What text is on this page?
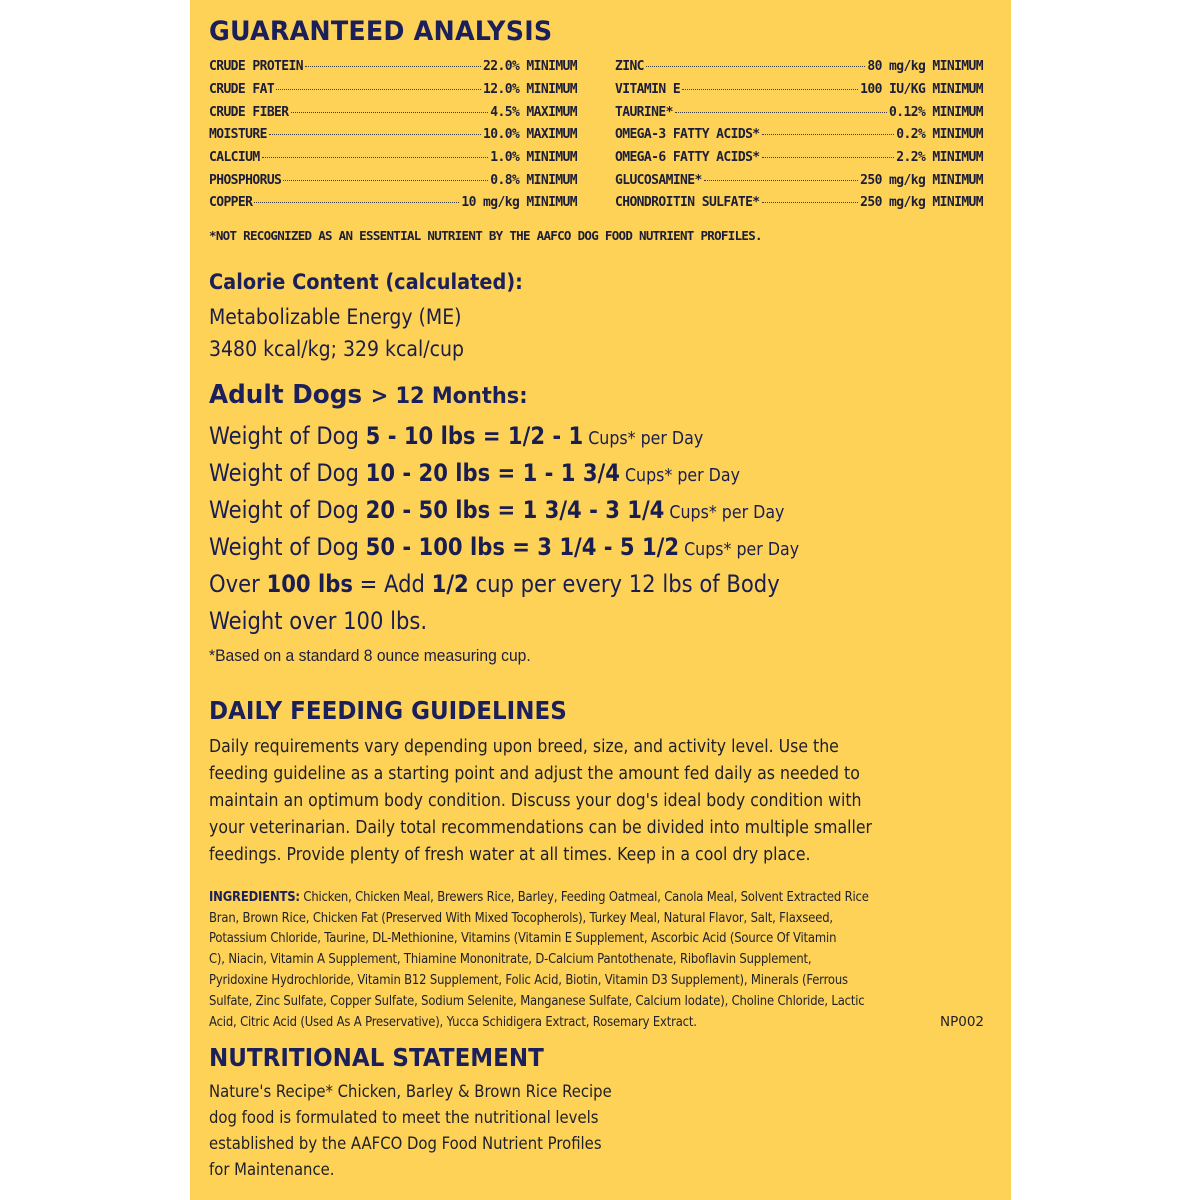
GUARANTEED ANALYSIS
CRUDE PROTEIN	22.0% MINIMUM
CRUDE FAT	12.0% MINIMUM
CRUDE FIBER	4.5% MAXIMUM
MOISTURE	10.0% MAXIMUM
CALCIUM	1.0% MINIMUM
PHOSPHORUS	0.8% MINIMUM
COPPER	10 mg/kg MINIMUM
ZINC	80 mg/kg MINIMUM
VITAMIN E	100 IU/KG MINIMUM
TAURINE*	0.12% MINIMUM
OMEGA-3 FATTY ACIDS*	0.2% MINIMUM
OMEGA-6 FATTY ACIDS*	2.2% MINIMUM
GLUCOSAMINE*	250 mg/kg MINIMUM
CHONDROITIN SULFATE*	250 mg/kg MINIMUM
*NOT RECOGNIZED AS AN ESSENTIAL NUTRIENT BY THE AAFCO DOG FOOD NUTRIENT PROFILES.
Calorie Content (calculated):
Metabolizable Energy (ME)
3480 kcal/kg; 329 kcal/cup
Adult Dogs > 12 Months:
Weight of Dog 5 - 10 lbs = 1/2 - 1 Cups* per Day
Weight of Dog 10 - 20 lbs = 1 - 1 3/4 Cups* per Day
Weight of Dog 20 - 50 lbs = 1 3/4 - 3 1/4 Cups* per Day
Weight of Dog 50 - 100 lbs = 3 1/4 - 5 1/2 Cups* per Day
Over 100 lbs = Add 1/2 cup per every 12 lbs of Body
Weight over 100 lbs.
*Based on a standard 8 ounce measuring cup.
DAILY FEEDING GUIDELINES
Daily requirements vary depending upon breed, size, and activity level. Use the
feeding guideline as a starting point and adjust the amount fed daily as needed to
maintain an optimum body condition. Discuss your dog's ideal body condition with
your veterinarian. Daily total recommendations can be divided into multiple smaller
feedings. Provide plenty of fresh water at all times. Keep in a cool dry place.
INGREDIENTS: Chicken, Chicken Meal, Brewers Rice, Barley, Feeding Oatmeal, Canola Meal, Solvent Extracted Rice
Bran, Brown Rice, Chicken Fat (Preserved With Mixed Tocopherols), Turkey Meal, Natural Flavor, Salt, Flaxseed,
Potassium Chloride, Taurine, DL-Methionine, Vitamins (Vitamin E Supplement, Ascorbic Acid (Source Of Vitamin
C), Niacin, Vitamin A Supplement, Thiamine Mononitrate, D-Calcium Pantothenate, Riboflavin Supplement,
Pyridoxine Hydrochloride, Vitamin B12 Supplement, Folic Acid, Biotin, Vitamin D3 Supplement), Minerals (Ferrous
Sulfate, Zinc Sulfate, Copper Sulfate, Sodium Selenite, Manganese Sulfate, Calcium Iodate), Choline Chloride, Lactic
Acid, Citric Acid (Used As A Preservative), Yucca Schidigera Extract, Rosemary Extract.	NP002
NUTRITIONAL STATEMENT
Nature's Recipe* Chicken, Barley & Brown Rice Recipe
dog food is formulated to meet the nutritional levels
established by the AAFCO Dog Food Nutrient Profiles
for Maintenance.
